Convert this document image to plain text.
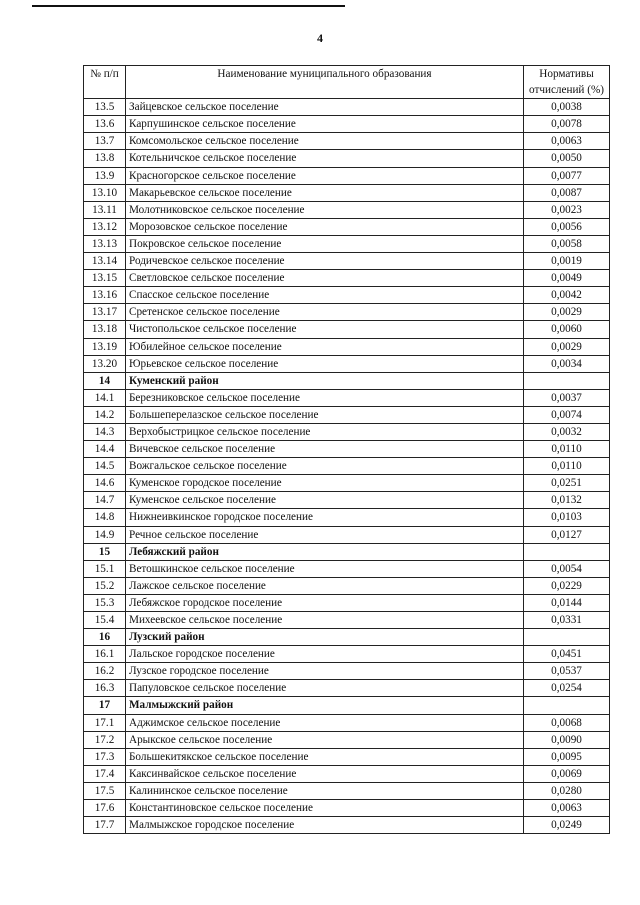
4
№ п/п	Наименование муниципального образования	Нормативы отчислений (%)
13.5	Зайцевское сельское поселение	0,0038
13.6	Карпушинское сельское поселение	0,0078
13.7	Комсомольское сельское поселение	0,0063
13.8	Котельничское сельское поселение	0,0050
13.9	Красногорское сельское поселение	0,0077
13.10	Макарьевское сельское поселение	0,0087
13.11	Молотниковское сельское поселение	0,0023
13.12	Морозовское сельское поселение	0,0056
13.13	Покровское сельское поселение	0,0058
13.14	Родичевское сельское поселение	0,0019
13.15	Светловское сельское поселение	0,0049
13.16	Спасское сельское поселение	0,0042
13.17	Сретенское сельское поселение	0,0029
13.18	Чистопольское сельское поселение	0,0060
13.19	Юбилейное сельское поселение	0,0029
13.20	Юрьевское сельское поселение	0,0034
14	Куменский район	
14.1	Березниковское сельское поселение	0,0037
14.2	Большеперелазское сельское поселение	0,0074
14.3	Верхобыстрицкое сельское поселение	0,0032
14.4	Вичевское сельское поселение	0,0110
14.5	Вожгальское сельское поселение	0,0110
14.6	Куменское городское поселение	0,0251
14.7	Куменское сельское поселение	0,0132
14.8	Нижнеивкинское городское поселение	0,0103
14.9	Речное сельское поселение	0,0127
15	Лебяжский район	
15.1	Ветошкинское сельское поселение	0,0054
15.2	Лажское сельское поселение	0,0229
15.3	Лебяжское городское поселение	0,0144
15.4	Михеевское сельское поселение	0,0331
16	Лузский район	
16.1	Лальское городское поселение	0,0451
16.2	Лузское городское поселение	0,0537
16.3	Папуловское сельское поселение	0,0254
17	Малмыжский район	
17.1	Аджимское сельское поселение	0,0068
17.2	Арыкское сельское поселение	0,0090
17.3	Большекитякское сельское поселение	0,0095
17.4	Каксинвайское сельское поселение	0,0069
17.5	Калининское сельское поселение	0,0280
17.6	Константиновское сельское поселение	0,0063
17.7	Малмыжское городское поселение	0,0249
